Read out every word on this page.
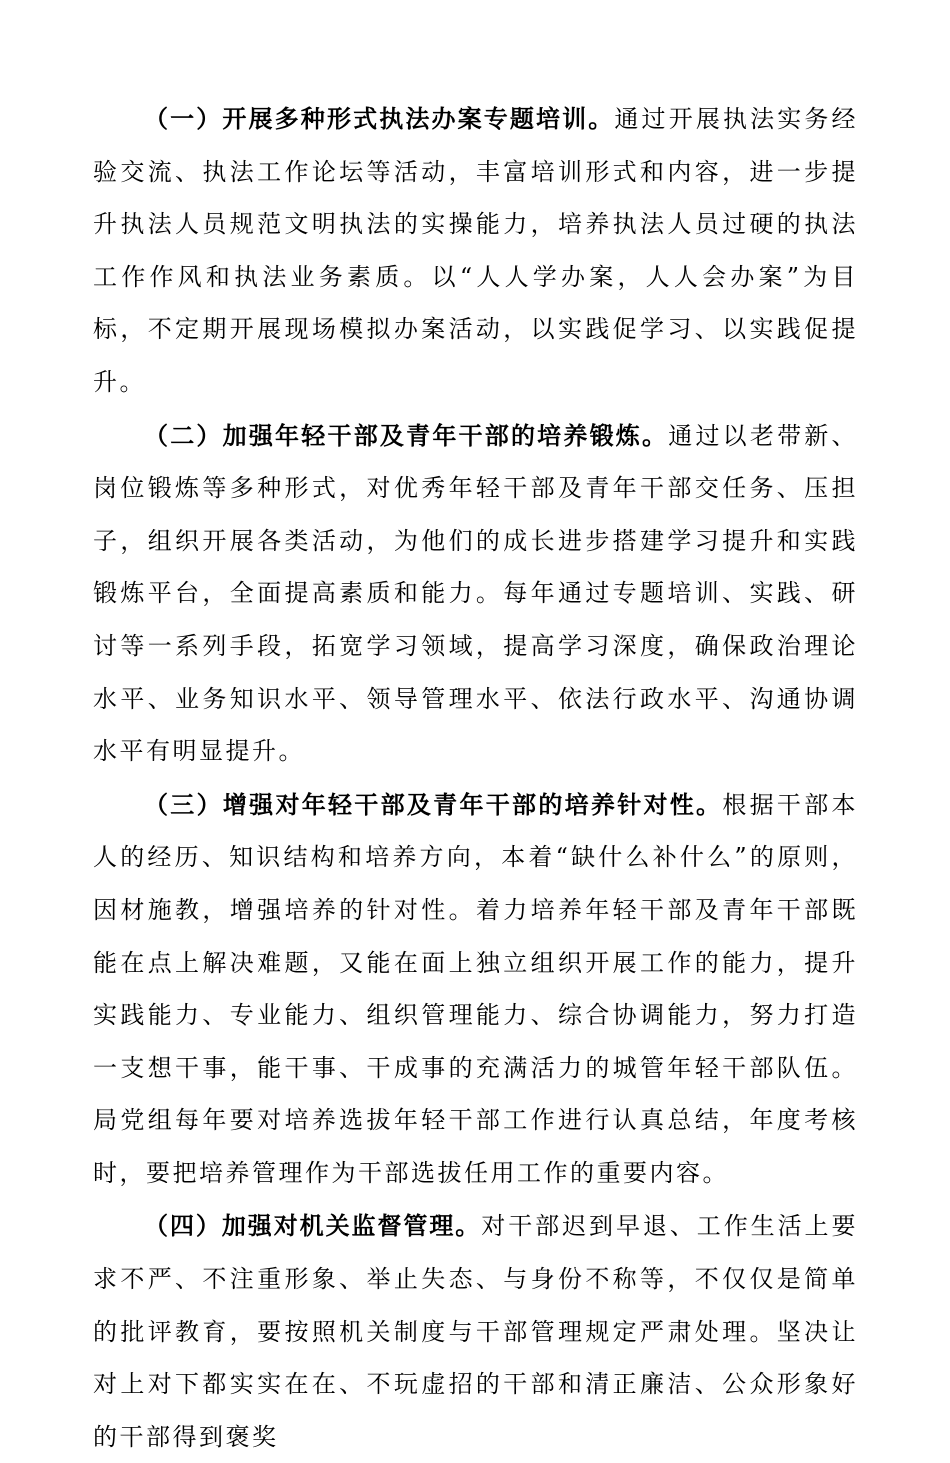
（一）开展多种形式执法办案专题培训。通过开展执法实务经验交流、执法工作论坛等活动，丰富培训形式和内容，进一步提升执法人员规范文明执法的实操能力，培养执法人员过硬的执法工作作风和执法业务素质。以“人人学办案，人人会办案”为目标，不定期开展现场模拟办案活动，以实践促学习、以实践促提升。

（二）加强年轻干部及青年干部的培养锻炼。通过以老带新、岗位锻炼等多种形式，对优秀年轻干部及青年干部交任务、压担子，组织开展各类活动，为他们的成长进步搭建学习提升和实践锻炼平台，全面提高素质和能力。每年通过专题培训、实践、研讨等一系列手段，拓宽学习领域，提高学习深度，确保政治理论水平、业务知识水平、领导管理水平、依法行政水平、沟通协调水平有明显提升。

（三）增强对年轻干部及青年干部的培养针对性。根据干部本人的经历、知识结构和培养方向，本着“缺什么补什么”的原则，因材施教，增强培养的针对性。着力培养年轻干部及青年干部既能在点上解决难题，又能在面上独立组织开展工作的能力，提升实践能力、专业能力、组织管理能力、综合协调能力，努力打造一支想干事，能干事、干成事的充满活力的城管年轻干部队伍。局党组每年要对培养选拔年轻干部工作进行认真总结，年度考核时，要把培养管理作为干部选拔任用工作的重要内容。

（四）加强对机关监督管理。对干部迟到早退、工作生活上要求不严、不注重形象、举止失态、与身份不称等，不仅仅是简单的批评教育，要按照机关制度与干部管理规定严肃处理。坚决让对上对下都实实在在、不玩虚招的干部和清正廉洁、公众形象好的干部得到褒奖
